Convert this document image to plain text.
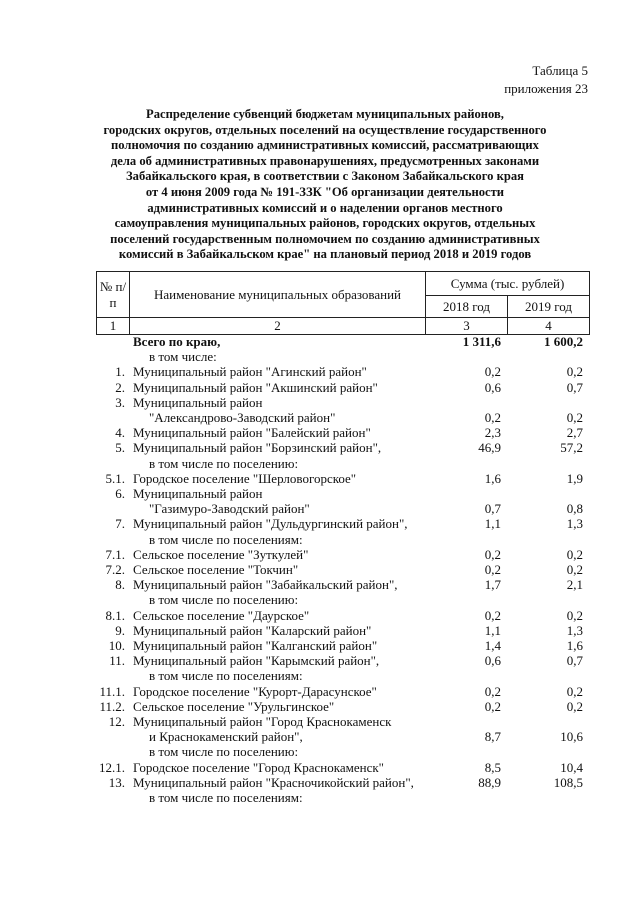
Таблица 5
приложения 23
Распределение субвенций бюджетам муниципальных районов,
городских округов, отдельных поселений на осуществление государственного
полномочия по созданию административных комиссий, рассматривающих
дела об административных правонарушениях, предусмотренных законами
Забайкальского края, в соответствии с Законом Забайкальского края
от 4 июня 2009 года № 191-ЗЗК "Об организации деятельности
административных комиссий и о наделении органов местного
самоуправления муниципальных районов, городских округов, отдельных
поселений государственным полномочием по созданию административных
комиссий в Забайкальском крае" на плановый период 2018 и 2019 годов
№ п/п	Наименование муниципальных образований	Сумма (тыс. рублей)	
		2018 год	2019 год
1	2	3	4
	Всего по краю,	1 311,6	1 600,2
	в том числе:		
1.	Муниципальный район "Агинский район"	0,2	0,2
2.	Муниципальный район "Акшинский район"	0,6	0,7
3.	Муниципальный район		
	"Александрово-Заводский район"	0,2	0,2
4.	Муниципальный район "Балейский район"	2,3	2,7
5.	Муниципальный район "Борзинский район",	46,9	57,2
	в том числе по поселению:		
5.1.	Городское поселение "Шерловогорское"	1,6	1,9
6.	Муниципальный район		
	"Газимуро-Заводский район"	0,7	0,8
7.	Муниципальный район "Дульдургинский район",	1,1	1,3
	в том числе по поселениям:		
7.1.	Сельское поселение "Зуткулей"	0,2	0,2
7.2.	Сельское поселение "Токчин"	0,2	0,2
8.	Муниципальный район "Забайкальский район",	1,7	2,1
	в том числе по поселению:		
8.1.	Сельское поселение "Даурское"	0,2	0,2
9.	Муниципальный район "Каларский район"	1,1	1,3
10.	Муниципальный район "Калганский район"	1,4	1,6
11.	Муниципальный район "Карымский район",	0,6	0,7
	в том числе по поселениям:		
11.1.	Городское поселение "Курорт-Дарасунское"	0,2	0,2
11.2.	Сельское поселение "Урульгинское"	0,2	0,2
12.	Муниципальный район "Город Краснокаменск		
	и Краснокаменский район",	8,7	10,6
	в том числе по поселению:		
12.1.	Городское поселение "Город Краснокаменск"	8,5	10,4
13.	Муниципальный район "Красночикойский район",	88,9	108,5
	в том числе по поселениям:		
